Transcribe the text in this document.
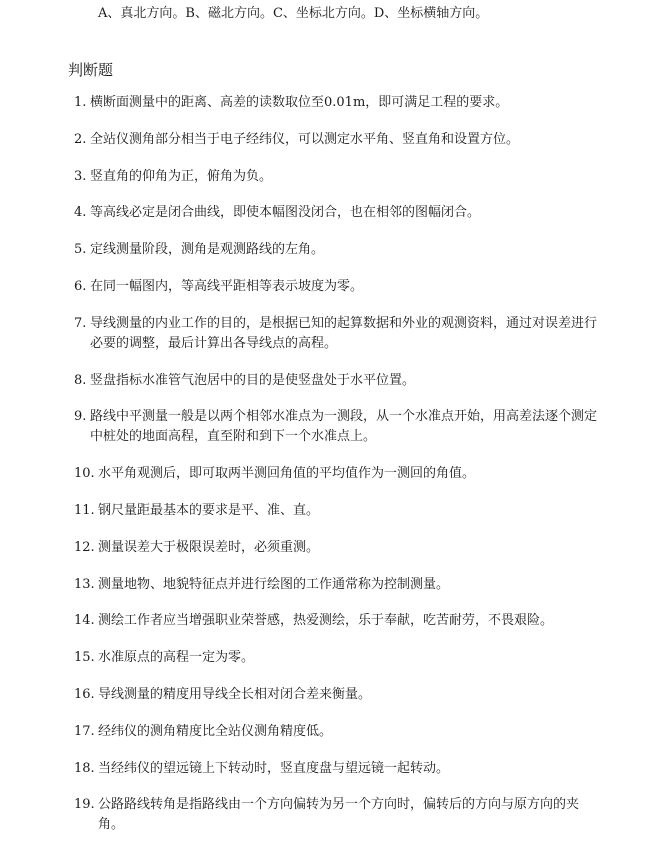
A、真北方向。B、磁北方向。C、坐标北方向。D、坐标横轴方向。
判断题
1. 横断面测量中的距离、高差的读数取位至0.01m，即可满足工程的要求。
2. 全站仪测角部分相当于电子经纬仪，可以测定水平角、竖直角和设置方位。
3. 竖直角的仰角为正，俯角为负。
4. 等高线必定是闭合曲线，即使本幅图没闭合，也在相邻的图幅闭合。
5. 定线测量阶段，测角是观测路线的左角。
6. 在同一幅图内，等高线平距相等表示坡度为零。
7. 导线测量的内业工作的目的，是根据已知的起算数据和外业的观测资料，通过对误差进行必要的调整，最后计算出各导线点的高程。
8. 竖盘指标水准管气泡居中的目的是使竖盘处于水平位置。
9. 路线中平测量一般是以两个相邻水准点为一测段，从一个水准点开始，用高差法逐个测定中桩处的地面高程，直至附和到下一个水准点上。
10. 水平角观测后，即可取两半测回角值的平均值作为一测回的角值。
11. 钢尺量距最基本的要求是平、准、直。
12. 测量误差大于极限误差时，必须重测。
13. 测量地物、地貌特征点并进行绘图的工作通常称为控制测量。
14. 测绘工作者应当增强职业荣誉感，热爱测绘，乐于奉献，吃苦耐劳，不畏艰险。
15. 水准原点的高程一定为零。
16. 导线测量的精度用导线全长相对闭合差来衡量。
17. 经纬仪的测角精度比全站仪测角精度低。
18. 当经纬仪的望远镜上下转动时，竖直度盘与望远镜一起转动。
19. 公路路线转角是指路线由一个方向偏转为另一个方向时，偏转后的方向与原方向的夹角。
